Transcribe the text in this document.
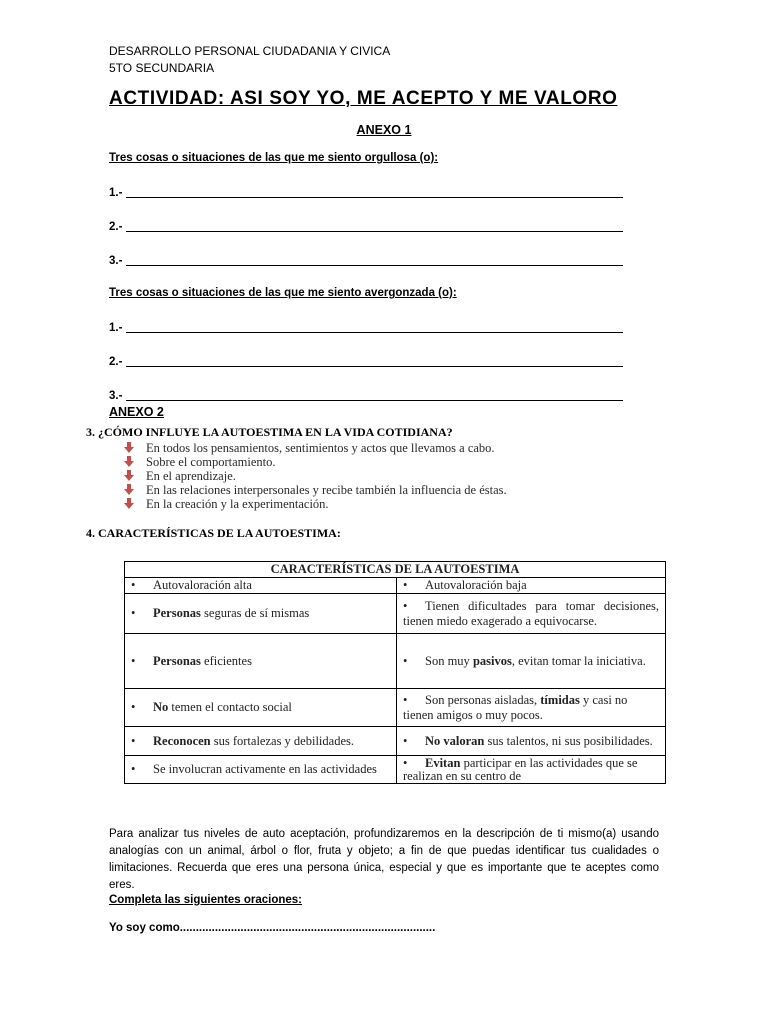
DESARROLLO PERSONAL CIUDADANIA Y CIVICA
5TO SECUNDARIA
ACTIVIDAD: ASI SOY YO, ME ACEPTO Y ME VALORO
ANEXO 1
Tres cosas o situaciones de las que me siento orgullosa (o):
1.-
2.-
3.-
Tres cosas o situaciones de las que me siento avergonzada (o):
1.-
2.-
3.-
ANEXO 2
3. ¿CÓMO INFLUYE LA AUTOESTIMA EN LA VIDA COTIDIANA?
En todos los pensamientos, sentimientos y actos que llevamos a cabo.
Sobre el comportamiento.
En el aprendizaje.
En las relaciones interpersonales y recibe también la influencia de éstas.
En la creación y la experimentación.
4. CARACTERÍSTICAS DE LA AUTOESTIMA:
CARACTERÍSTICAS DE LA AUTOESTIMA	
• Autovaloración alta	• Autovaloración baja
• Personas seguras de sí mismas	• Tienen dificultades para tomar decisiones, tienen miedo exagerado a equivocarse.
• Personas eficientes	• Son muy pasivos, evitan tomar la iniciativa.
• No temen el contacto social	• Son personas aisladas, tímidas y casi no tienen amigos o muy pocos.
• Reconocen sus fortalezas y debilidades.	• No valoran sus talentos, ni sus posibilidades.
• Se involucran activamente en las actividades	• Evitan participar en las actividades que se realizan en su centro de
Para analizar tus niveles de auto aceptación, profundizaremos en la descripción de ti mismo(a) usando analogías con un animal, árbol o flor, fruta y objeto; a fin de que puedas identificar tus cualidades o limitaciones. Recuerda que eres una persona única, especial y que es importante que te aceptes como eres.
Completa las siguientes oraciones:
Yo soy como................................................................................
